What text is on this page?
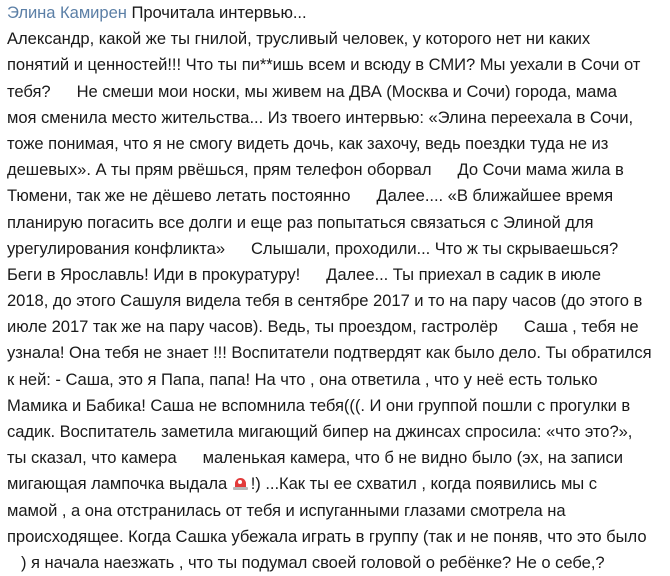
Элина Камирен Прочитала интервью...
Александр, какой же ты гнилой, трусливый человек, у которого нет ни каких
понятий и ценностей!!! Что ты пи**ишь всем и всюду в СМИ? Мы уехали в Сочи от
тебя? Не смеши мои носки, мы живем на ДВА (Москва и Сочи) города, мама
моя сменила место жительства... Из твоего интервью: «Элина переехала в Сочи,
тоже понимая, что я не смогу видеть дочь, как захочу, ведь поездки туда не из
дешевых». А ты прям рвёшься, прям телефон оборвал До Сочи мама жила в
Тюмени, так же не дёшево летать постоянно Далее.... «В ближайшее время
планирую погасить все долги и еще раз попытаться связаться с Элиной для
урегулирования конфликта» Слышали, проходили... Что ж ты скрываешься?
Беги в Ярославль! Иди в прокуратуру! Далее... Ты приехал в садик в июле
2018, до этого Сашуля видела тебя в сентябре 2017 и то на пару часов (до этого в
июле 2017 так же на пару часов). Ведь, ты проездом, гастролёр Саша , тебя не
узнала! Она тебя не знает !!! Воспитатели подтвердят как было дело. Ты обратился
к ней: - Саша, это я Папа, папа! На что , она ответила , что у неё есть только
Мамика и Бабика! Саша не вспомнила тебя(((. И они группой пошли с прогулки в
садик. Воспитатель заметила мигающий бипер на джинсах спросила: «что это?»,
ты сказал, что камера маленькая камера, что б не видно было (эх, на записи
мигающая лампочка выдала !) ...Как ты ее схватил , когда появились мы с
мамой , а она отстранилась от тебя и испуганными глазами смотрела на
происходящее. Когда Сашка убежала играть в группу (так и не поняв, что это было
) я начала наезжать , что ты подумал своей головой о ребёнке? Не о себе,?
